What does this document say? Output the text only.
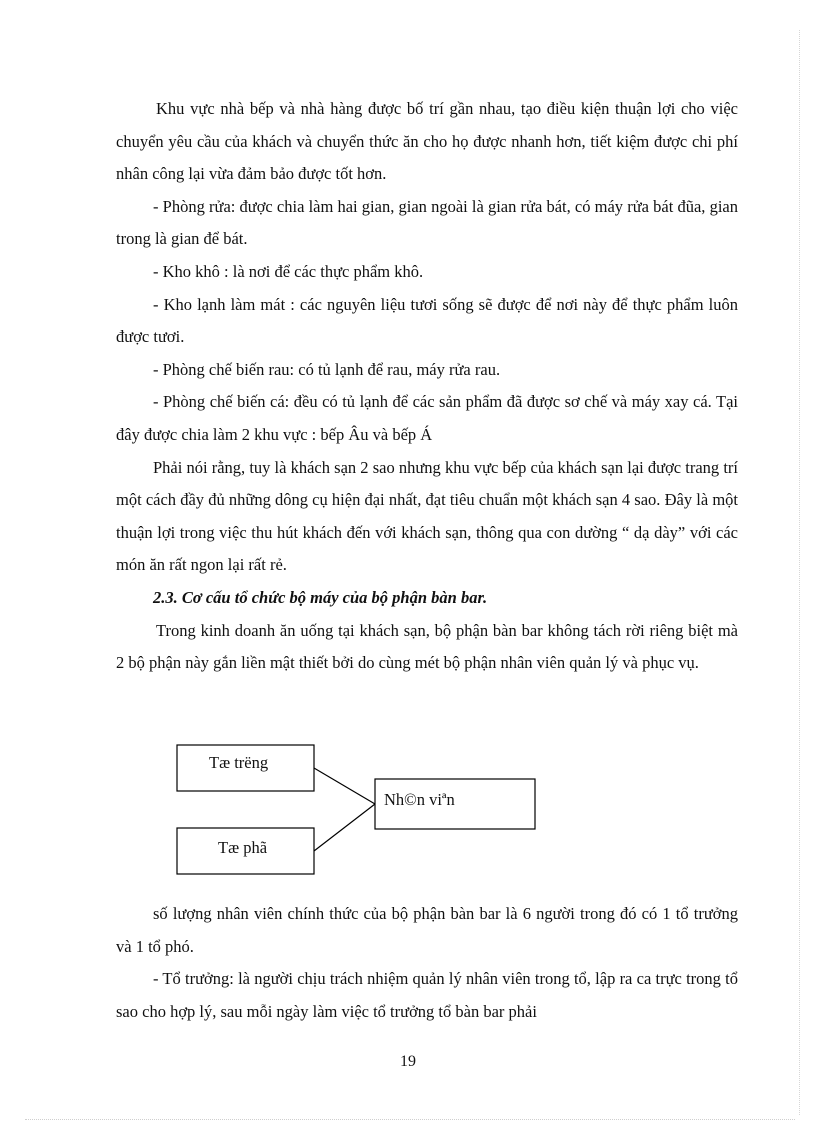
Khu vực nhà bếp và nhà hàng được bố trí gần nhau, tạo điều kiện thuận lợi cho việc chuyển yêu cầu của khách và chuyển thức ăn cho họ được nhanh hơn, tiết kiệm được chi phí nhân công lại vừa đảm bảo được tốt hơn.

- Phòng rửa: được chia làm hai gian, gian ngoài là gian rửa bát, có máy rửa bát đũa, gian trong là gian để bát.

- Kho khô : là nơi để các thực phẩm khô.

- Kho lạnh làm mát : các nguyên liệu tươi sống sẽ được để nơi này để thực phẩm luôn được tươi.

- Phòng chế biến rau: có tủ lạnh để rau, máy rửa rau.

- Phòng chế biến cá: đều có tủ lạnh để các sản phẩm đã được sơ chế và máy xay cá. Tại đây được chia làm 2 khu vực : bếp Âu và bếp Á

Phải nói rằng, tuy là khách sạn 2 sao nhưng khu vực bếp của khách sạn lại được trang trí một cách đầy đủ những dông cụ hiện đại nhất, đạt tiêu chuẩn một khách sạn 4 sao. Đây là một thuận lợi trong việc thu hút khách đến với khách sạn, thông qua con dường “ dạ dày” với các món ăn rất ngon lại rất rẻ.

2.3. Cơ cấu tổ chức bộ máy của bộ phận bàn bar.

Trong kinh doanh ăn uống tại khách sạn, bộ phận bàn bar không tách rời riêng biệt mà 2 bộ phận này gắn liền mật thiết bởi do cùng mét bộ phận nhân viên quản lý và phục vụ.

Tæ trëng
Tæ phã
Nh©n viªn

số lượng nhân viên chính thức của bộ phận bàn bar là 6 người trong đó có 1 tổ trưởng và 1 tổ phó.

- Tổ trưởng: là người chịu trách nhiệm quản lý nhân viên trong tổ, lập ra ca trực trong tổ sao cho hợp lý, sau mỗi ngày làm việc tổ trưởng tổ bàn bar phải

19
